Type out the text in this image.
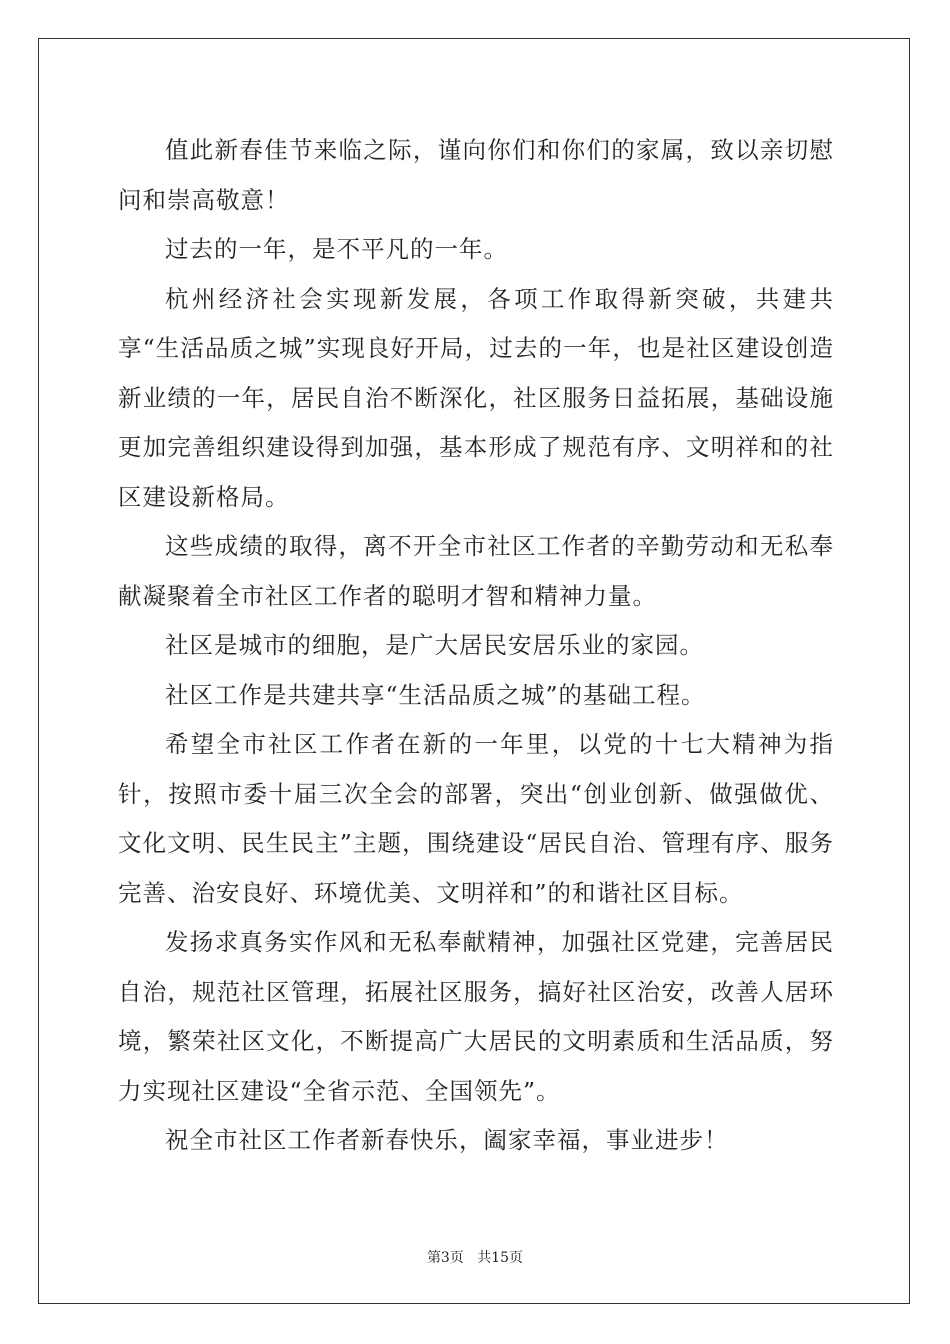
值此新春佳节来临之际，谨向你们和你们的家属，致以亲切慰问和崇高敬意！

过去的一年，是不平凡的一年。

杭州经济社会实现新发展，各项工作取得新突破，共建共享“生活品质之城”实现良好开局，过去的一年，也是社区建设创造新业绩的一年，居民自治不断深化，社区服务日益拓展，基础设施更加完善组织建设得到加强，基本形成了规范有序、文明祥和的社区建设新格局。

这些成绩的取得，离不开全市社区工作者的辛勤劳动和无私奉献凝聚着全市社区工作者的聪明才智和精神力量。

社区是城市的细胞，是广大居民安居乐业的家园。

社区工作是共建共享“生活品质之城”的基础工程。

希望全市社区工作者在新的一年里，以党的十七大精神为指针，按照市委十届三次全会的部署，突出“创业创新、做强做优、文化文明、民生民主”主题，围绕建设“居民自治、管理有序、服务完善、治安良好、环境优美、文明祥和”的和谐社区目标。

发扬求真务实作风和无私奉献精神，加强社区党建，完善居民自治，规范社区管理，拓展社区服务，搞好社区治安，改善人居环境，繁荣社区文化，不断提高广大居民的文明素质和生活品质，努力实现社区建设“全省示范、全国领先”。

祝全市社区工作者新春快乐，阖家幸福，事业进步！

第3页 共15页
